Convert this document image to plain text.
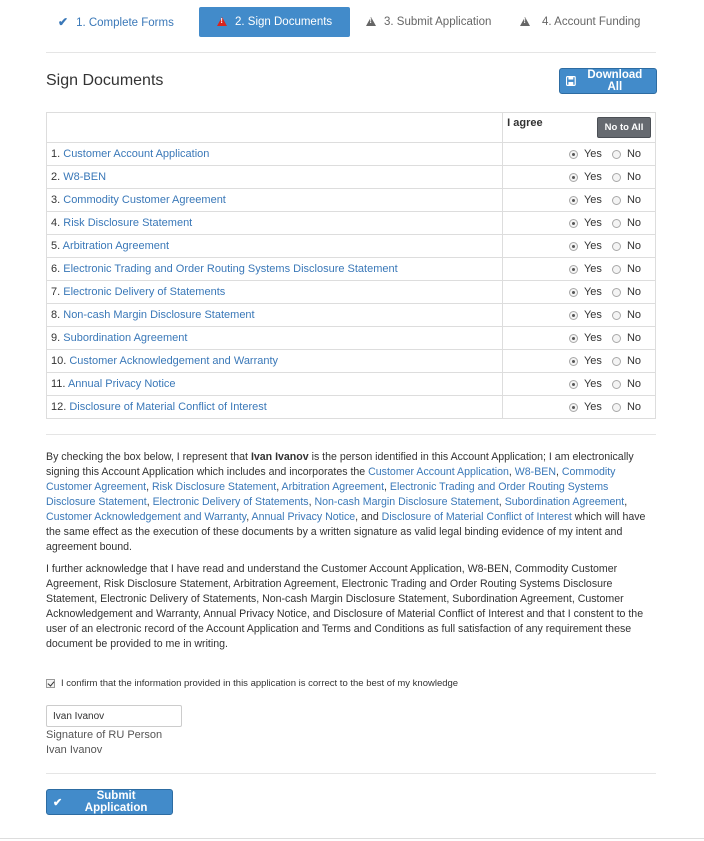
✔ 1. Complete Forms !	2. Sign Documents !	3. Submit Application !	4. Account Funding
Sign Documents	Download All
	I agree No to All

1. Customer Account Application	Yes No

2. W8-BEN	Yes No

3. Commodity Customer Agreement	Yes No

4. Risk Disclosure Statement	Yes No

5. Arbitration Agreement	Yes No

6. Electronic Trading and Order Routing Systems Disclosure Statement	Yes No

7. Electronic Delivery of Statements	Yes No

8. Non-cash Margin Disclosure Statement	Yes No

9. Subordination Agreement	Yes No

10. Customer Acknowledgement and Warranty	Yes No

11. Annual Privacy Notice	Yes No

12. Disclosure of Material Conflict of Interest	Yes No

By checking the box below, I represent that Ivan Ivanov is the person identified in this Account Application; I am electronically signing this Account Application which includes and incorporates the Customer Account Application, W8-BEN, Commodity Customer Agreement, Risk Disclosure Statement, Arbitration Agreement, Electronic Trading and Order Routing Systems Disclosure Statement, Electronic Delivery of Statements, Non-cash Margin Disclosure Statement, Subordination Agreement, Customer Acknowledgement and Warranty, Annual Privacy Notice, and Disclosure of Material Conflict of Interest which will have the same effect as the execution of these documents by a written signature as valid legal binding evidence of my intent and agreement bound.

I further acknowledge that I have read and understand the Customer Account Application, W8-BEN, Commodity Customer Agreement, Risk Disclosure Statement, Arbitration Agreement, Electronic Trading and Order Routing Systems Disclosure Statement, Electronic Delivery of Statements, Non-cash Margin Disclosure Statement, Subordination Agreement, Customer Acknowledgement and Warranty, Annual Privacy Notice, and Disclosure of Material Conflict of Interest and that I constent to the user of an electronic record of the Account Application and Terms and Conditions as full satisfaction of any requirement these document be provided to me in writing.

I confirm that the information provided in this application is correct to the best of my knowledge
Ivan Ivanov
Signature of RU Person
Ivan Ivanov
✔
Submit Application
